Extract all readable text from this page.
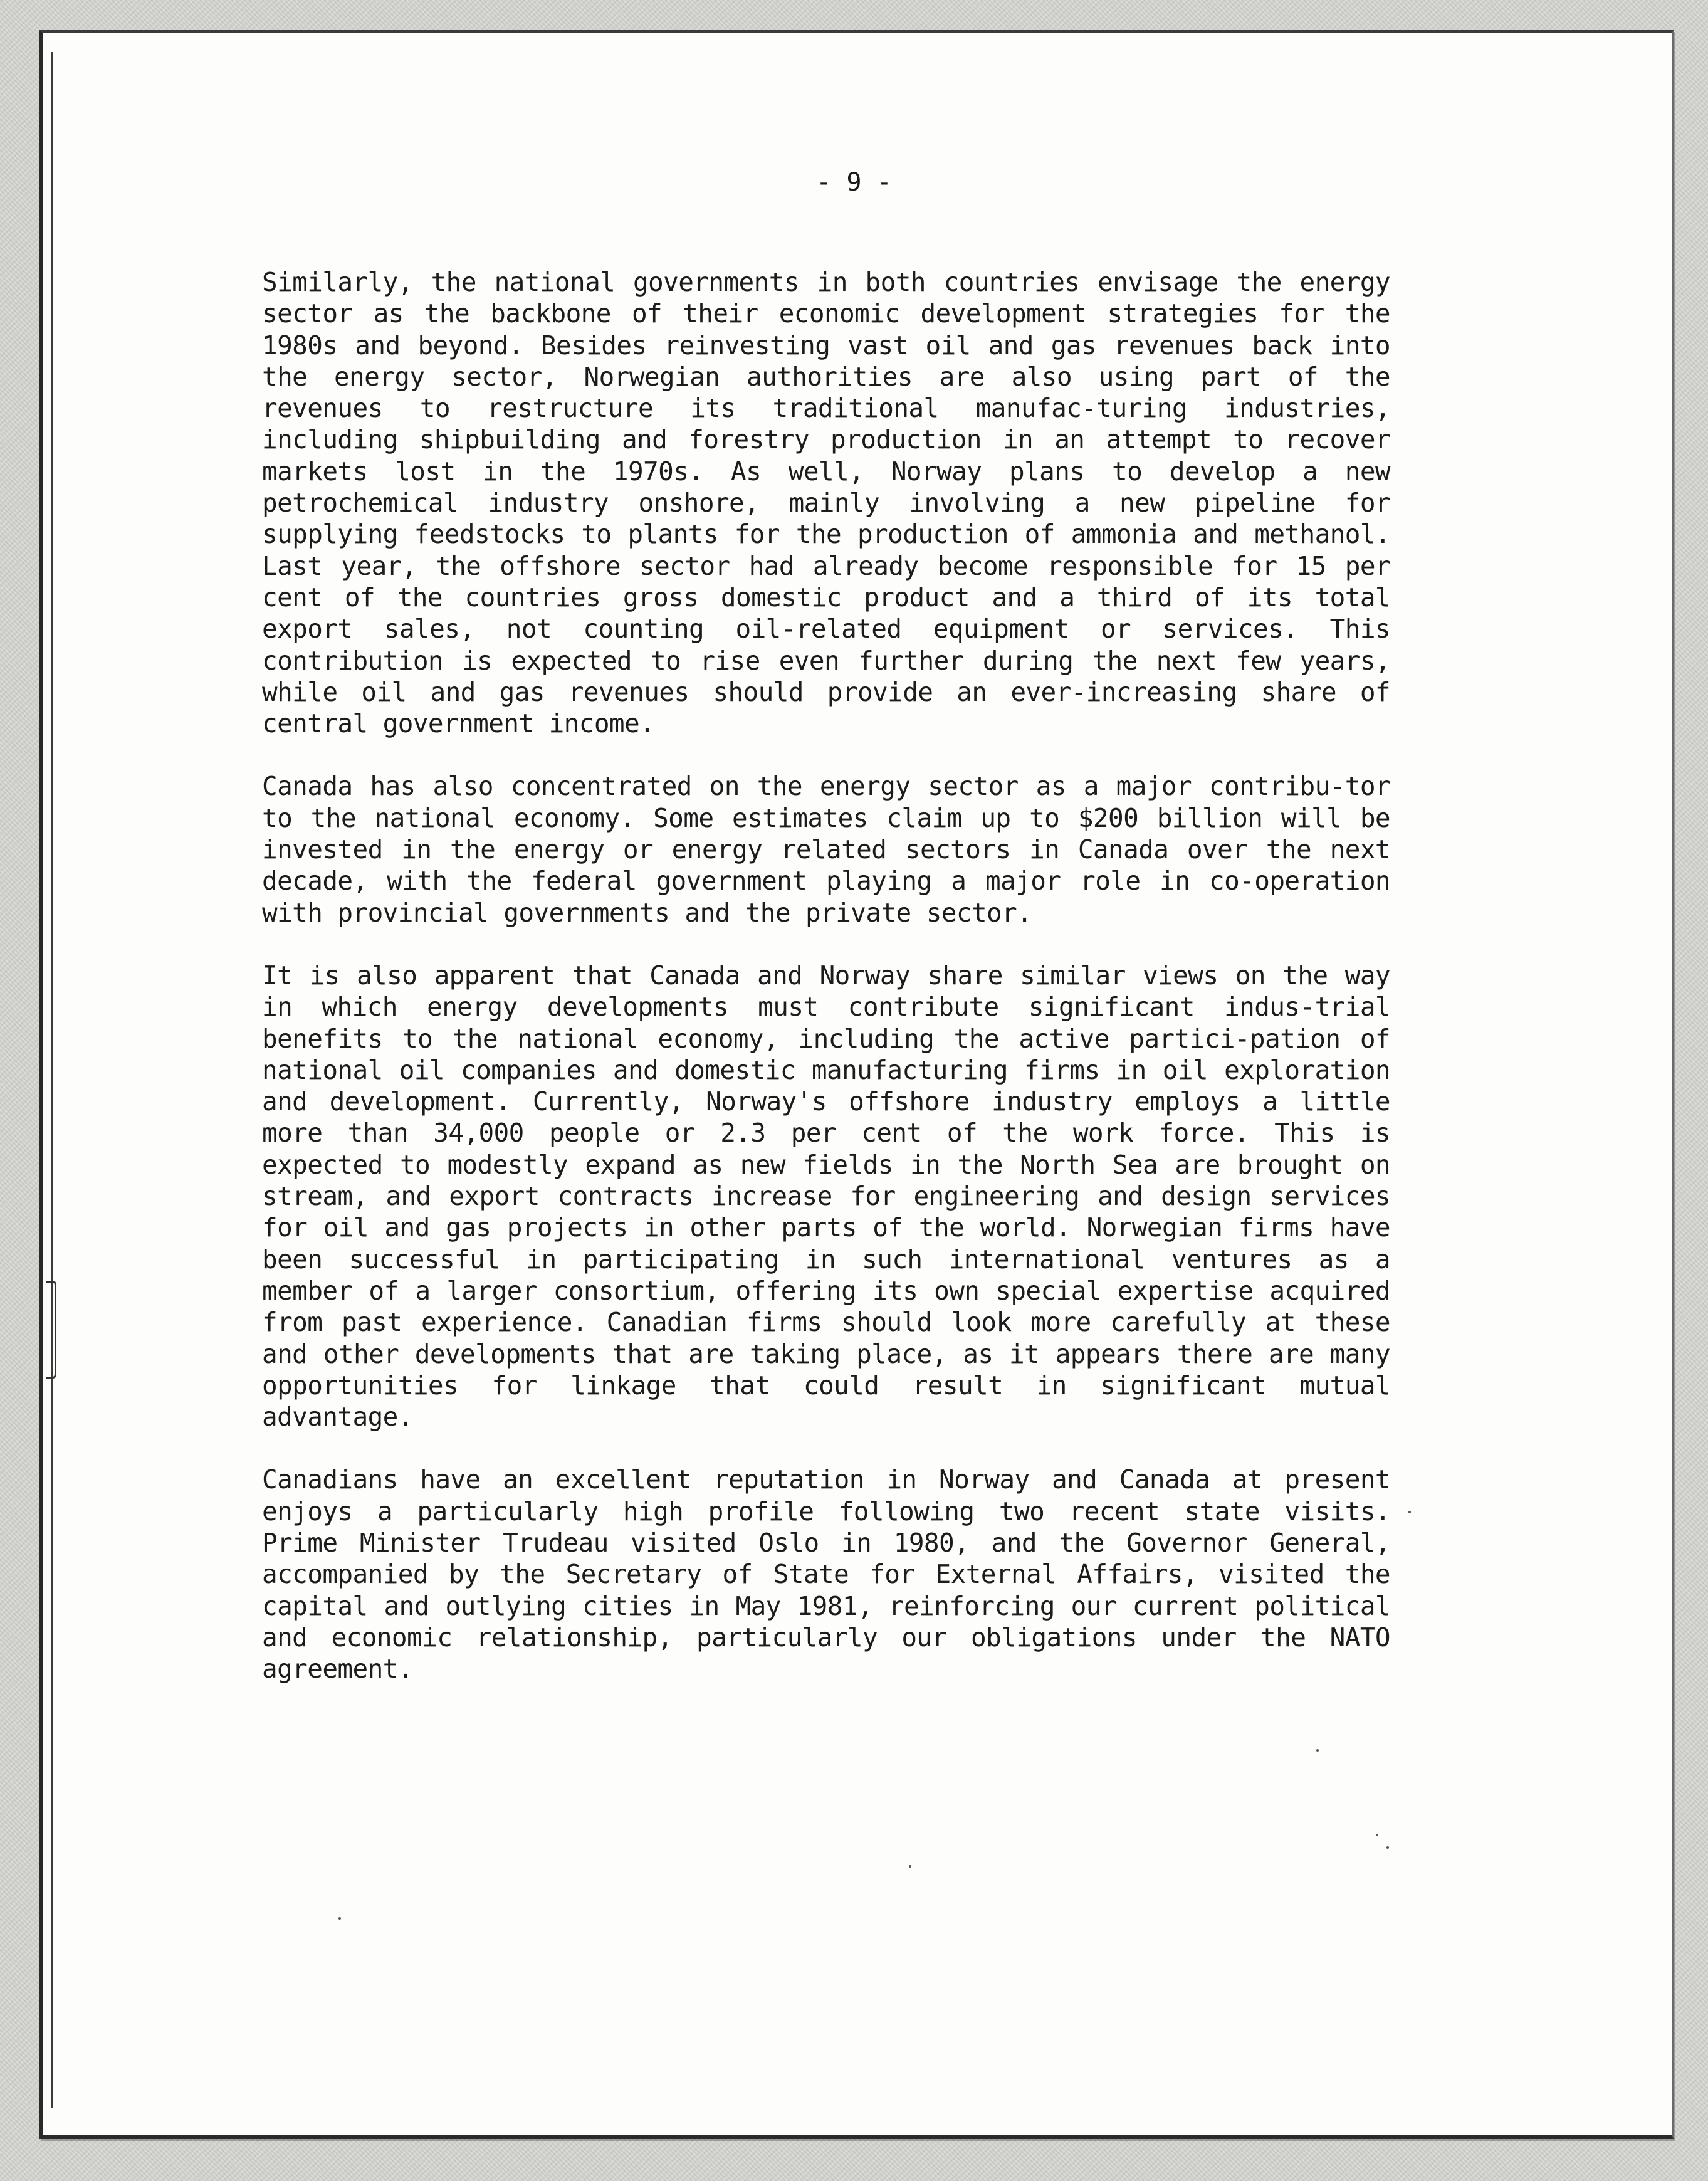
- 9 -

Similarly, the national governments in both countries envisage the energy sector as the backbone of their economic development strategies for the 1980s and beyond. Besides reinvesting vast oil and gas revenues back into the energy sector, Norwegian authorities are also using part of the revenues to restructure its traditional manufac-turing industries, including shipbuilding and forestry production in an attempt to recover markets lost in the 1970s. As well, Norway plans to develop a new petrochemical industry onshore, mainly involving a new pipeline for supplying feedstocks to plants for the production of ammonia and methanol. Last year, the offshore sector had already become responsible for 15 per cent of the countries gross domestic product and a third of its total export sales, not counting oil-related equipment or services. This contribution is expected to rise even further during the next few years, while oil and gas revenues should provide an ever-increasing share of central government income.

Canada has also concentrated on the energy sector as a major contribu-tor to the national economy. Some estimates claim up to $200 billion will be invested in the energy or energy related sectors in Canada over the next decade, with the federal government playing a major role in co-operation with provincial governments and the private sector.

It is also apparent that Canada and Norway share similar views on the way in which energy developments must contribute significant indus-trial benefits to the national economy, including the active partici-pation of national oil companies and domestic manufacturing firms in oil exploration and development. Currently, Norway's offshore industry employs a little more than 34,000 people or 2.3 per cent of the work force. This is expected to modestly expand as new fields in the North Sea are brought on stream, and export contracts increase for engineering and design services for oil and gas projects in other parts of the world. Norwegian firms have been successful in participating in such international ventures as a member of a larger consortium, offering its own special expertise acquired from past experience. Canadian firms should look more carefully at these and other developments that are taking place, as it appears there are many opportunities for linkage that could result in significant mutual advantage.

Canadians have an excellent reputation in Norway and Canada at present enjoys a particularly high profile following two recent state visits. Prime Minister Trudeau visited Oslo in 1980, and the Governor General, accompanied by the Secretary of State for External Affairs, visited the capital and outlying cities in May 1981, reinforcing our current political and economic relationship, particularly our obligations under the NATO agreement.
